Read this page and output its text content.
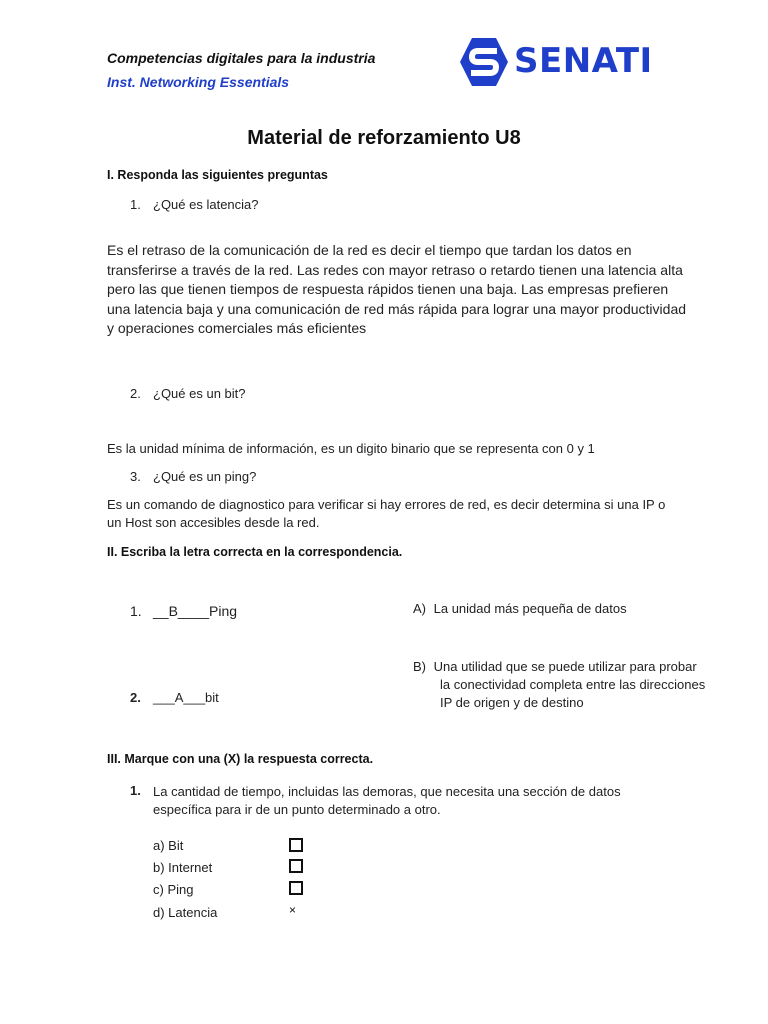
Competencias digitales para la industria
Inst. Networking Essentials
SENATI
Material de reforzamiento U8
I. Responda las siguientes preguntas
1. ¿Qué es latencia?
Es el retraso de la comunicación de la red es decir el tiempo que tardan los datos en transferirse a través de la red. Las redes con mayor retraso o retardo tienen una latencia alta pero las que tienen tiempos de respuesta rápidos tienen una baja. Las empresas prefieren una latencia baja y una comunicación de red más rápida para lograr una mayor productividad y operaciones comerciales más eficientes
2. ¿Qué es un bit?
Es la unidad mínima de información, es un digito binario que se representa con 0 y 1
3. ¿Qué es un ping?
Es un comando de diagnostico para verificar si hay errores de red, es decir determina si una IP o un Host son accesibles desde la red.
II. Escriba la letra correcta en la correspondencia.
1. __B____Ping
2. ___A___bit
A) La unidad más pequeña de datos
B) Una utilidad que se puede utilizar para probar
la conectividad completa entre las direcciones
IP de origen y de destino
III. Marque con una (X) la respuesta correcta.
1. La cantidad de tiempo, incluidas las demoras, que necesita una sección de datos específica para ir de un punto determinado a otro.
a) Bit
b) Internet
c) Ping
d) Latencia	×
